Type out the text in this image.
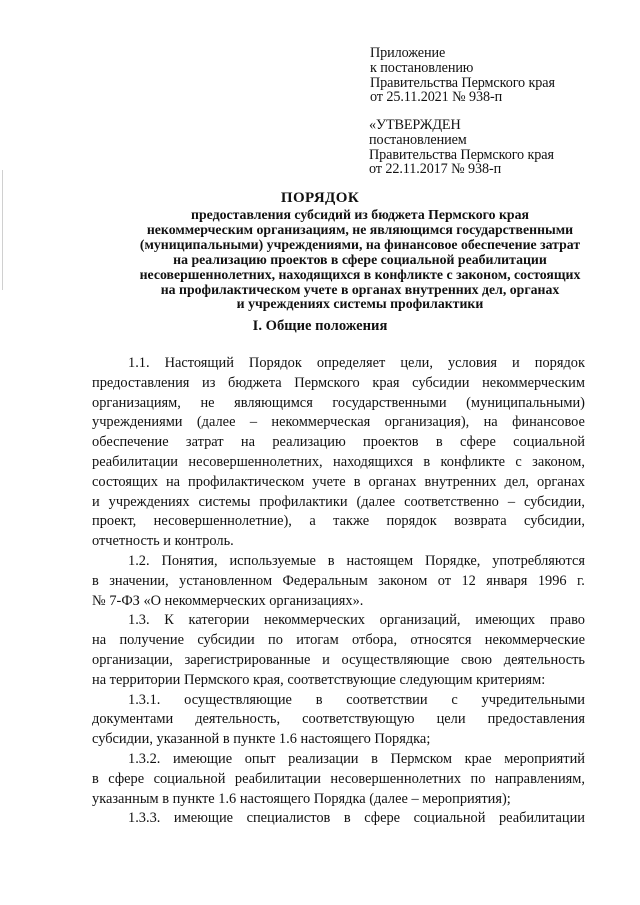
Приложение
к постановлению
Правительства Пермского края
от 25.11.2021 № 938-п
«УТВЕРЖДЕН
постановлением
Правительства Пермского края
от 22.11.2017 № 938-п
ПОРЯДОК
предоставления субсидий из бюджета Пермского края
некоммерческим организациям, не являющимся государственными
(муниципальными) учреждениями, на финансовое обеспечение затрат
на реализацию проектов в сфере социальной реабилитации
несовершеннолетних, находящихся в конфликте с законом, состоящих
на профилактическом учете в органах внутренних дел, органах
и учреждениях системы профилактики
I. Общие положения
1.1. Настоящий Порядок определяет цели, условия и порядок
предоставления из бюджета Пермского края субсидии некоммерческим
организациям, не являющимся государственными (муниципальными)
учреждениями (далее – некоммерческая организация), на финансовое
обеспечение затрат на реализацию проектов в сфере социальной
реабилитации несовершеннолетних, находящихся в конфликте с законом,
состоящих на профилактическом учете в органах внутренних дел, органах
и учреждениях системы профилактики (далее соответственно – субсидии,
проект, несовершеннолетние), а также порядок возврата субсидии,
отчетность и контроль.
1.2. Понятия, используемые в настоящем Порядке, употребляются
в значении, установленном Федеральным законом от 12 января 1996 г.
№ 7-ФЗ «О некоммерческих организациях».
1.3. К категории некоммерческих организаций, имеющих право
на получение субсидии по итогам отбора, относятся некоммерческие
организации, зарегистрированные и осуществляющие свою деятельность
на территории Пермского края, соответствующие следующим критериям:
1.3.1. осуществляющие в соответствии с учредительными
документами деятельность, соответствующую цели предоставления
субсидии, указанной в пункте 1.6 настоящего Порядка;
1.3.2. имеющие опыт реализации в Пермском крае мероприятий
в сфере социальной реабилитации несовершеннолетних по направлениям,
указанным в пункте 1.6 настоящего Порядка (далее – мероприятия);
1.3.3. имеющие специалистов в сфере социальной реабилитации
